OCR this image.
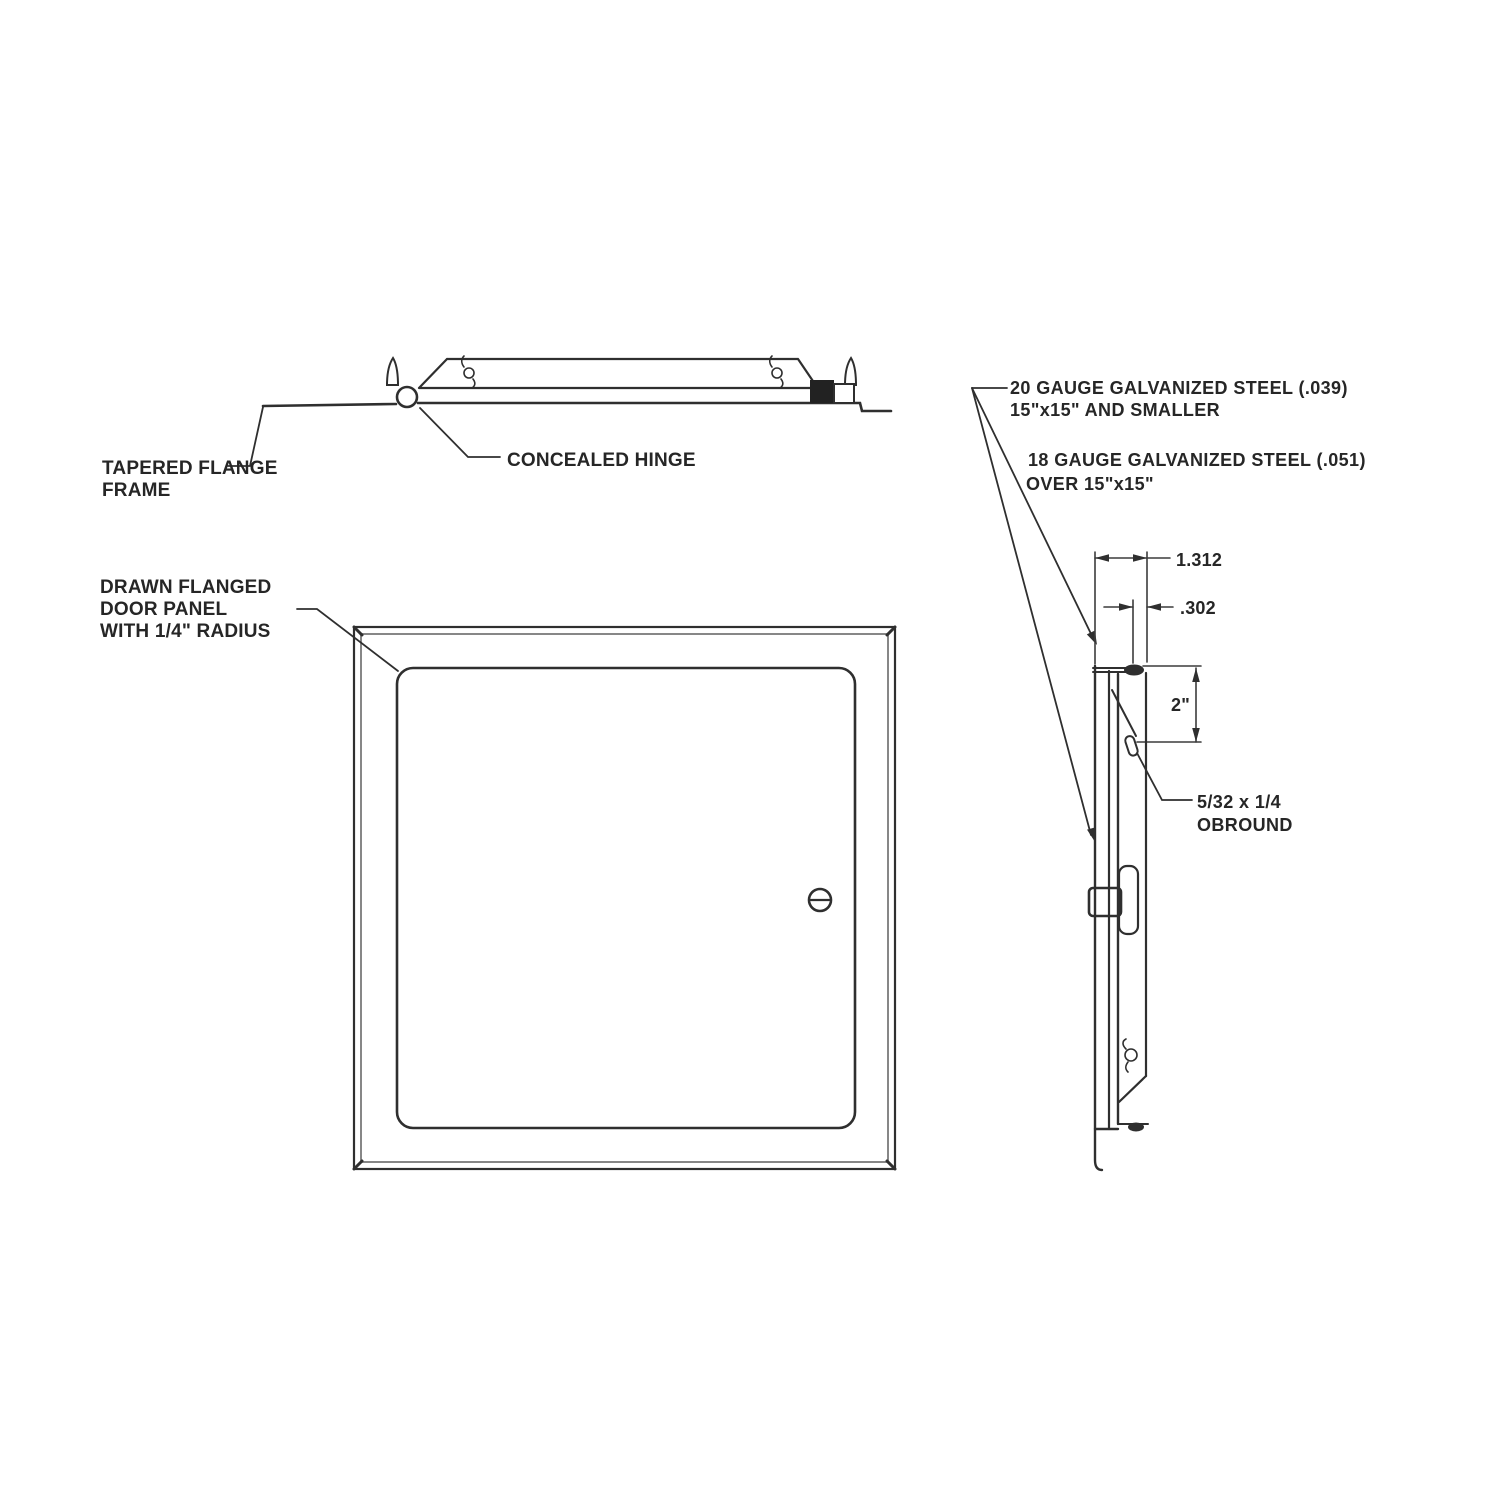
TAPERED FLANGE
FRAME
CONCEALED HINGE
DRAWN FLANGED
DOOR PANEL
WITH 1/4" RADIUS
20 GAUGE GALVANIZED STEEL (.039)
15"x15" AND SMALLER
18 GAUGE GALVANIZED STEEL (.051)
OVER 15"x15"
1.312
.302
2"
5/32 x 1/4
OBROUND
